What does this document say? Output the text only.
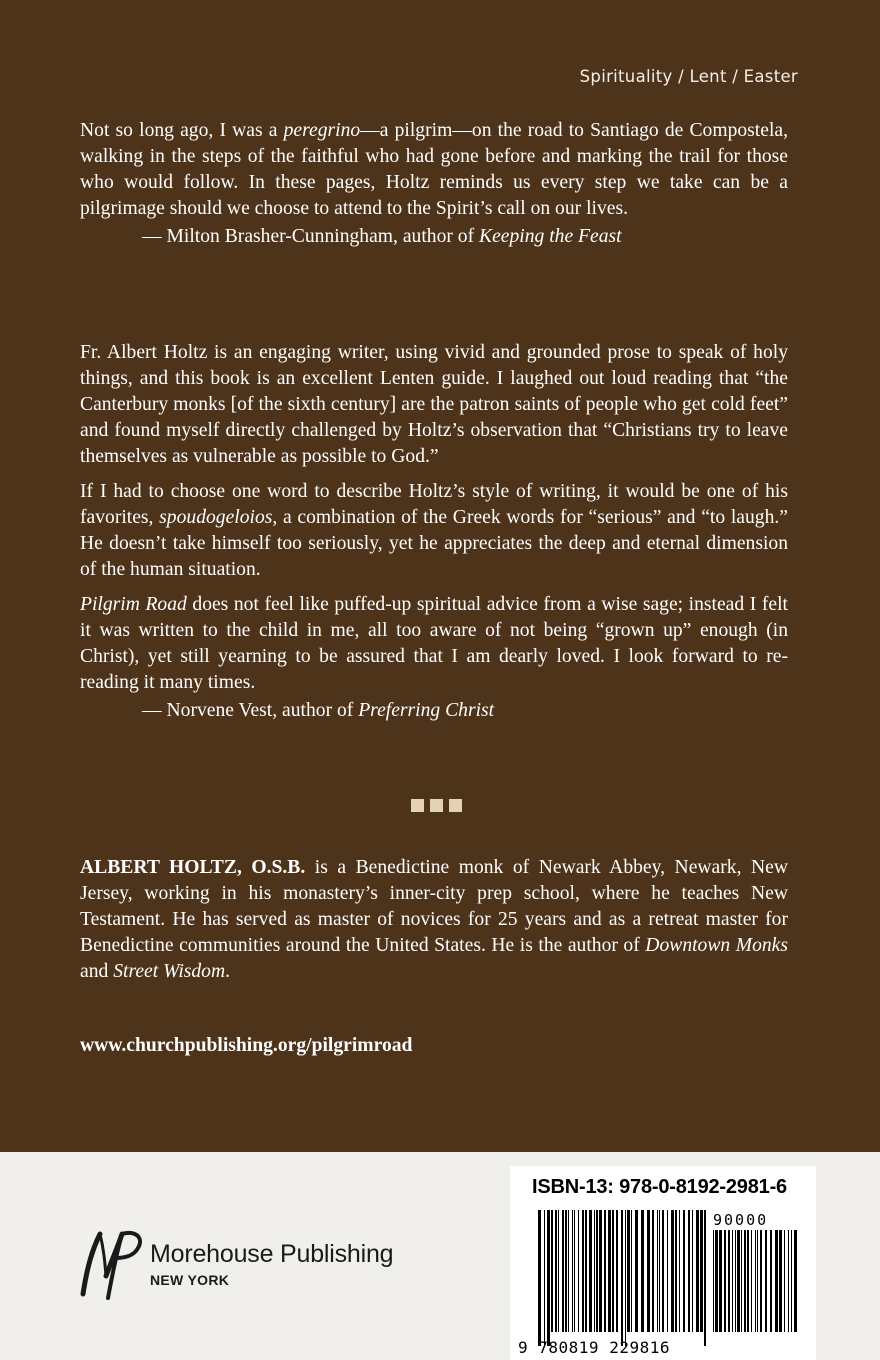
Spirituality / Lent / Easter

Not so long ago, I was a peregrino—a pilgrim—on the road to Santiago de Compostela, walking in the steps of the faithful who had gone before and marking the trail for those who would follow. In these pages, Holtz reminds us every step we take can be a pilgrimage should we choose to attend to the Spirit’s call on our lives.

— Milton Brasher-Cunningham, author of Keeping the Feast

Fr. Albert Holtz is an engaging writer, using vivid and grounded prose to speak of holy things, and this book is an excellent Lenten guide. I laughed out loud reading that “the Canterbury monks [of the sixth century] are the patron saints of people who get cold feet” and found myself directly challenged by Holtz’s observation that “Christians try to leave themselves as vulnerable as possible to God.”

If I had to choose one word to describe Holtz’s style of writing, it would be one of his favorites, spoudogeloios, a combination of the Greek words for “serious” and “to laugh.” He doesn’t take himself too seriously, yet he appreciates the deep and eternal dimension of the human situation.

Pilgrim Road does not feel like puffed-up spiritual advice from a wise sage; instead I felt it was written to the child in me, all too aware of not being “grown up” enough (in Christ), yet still yearning to be assured that I am dearly loved. I look forward to re-reading it many times.

— Norvene Vest, author of Preferring Christ

ALBERT HOLTZ, O.S.B. is a Benedictine monk of Newark Abbey, Newark, New Jersey, working in his monastery’s inner-city prep school, where he teaches New Testament. He has served as master of novices for 25 years and as a retreat master for Benedictine communities around the United States. He is the author of Downtown Monks and Street Wisdom.

www.churchpublishing.org/pilgrimroad
Morehouse Publishing
NEW YORK
ISBN-13: 978-0-8192-2981-6
90000
9 780819 229816
